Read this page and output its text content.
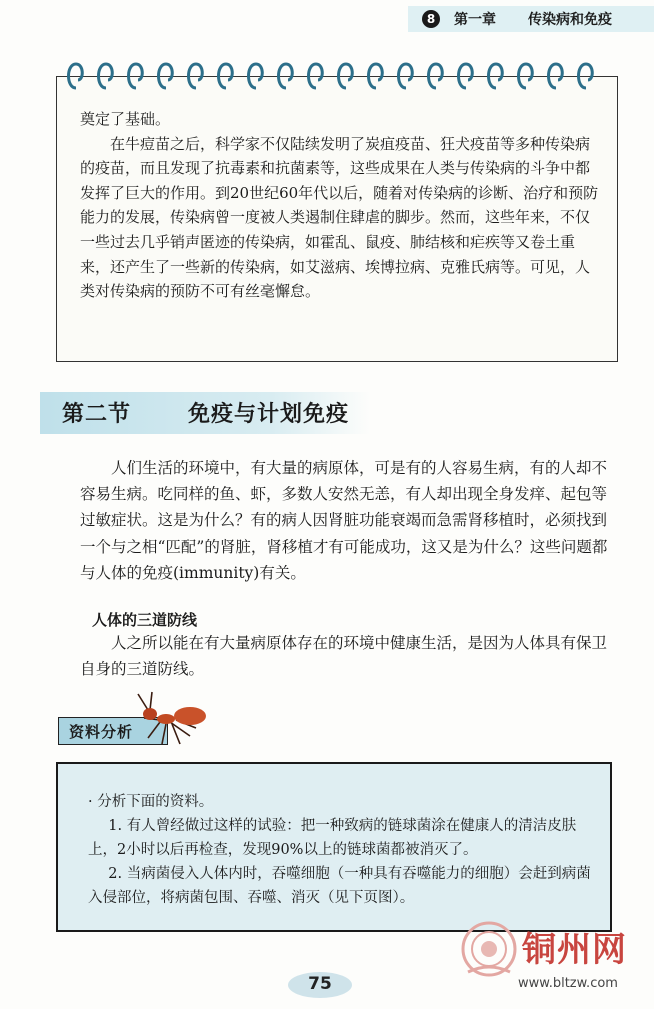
8	第一章 传染病和免疫

奠定了基础。

在牛痘苗之后，科学家不仅陆续发明了炭疽疫苗、狂犬疫苗等多种传染病的疫苗，而且发现了抗毒素和抗菌素等，这些成果在人类与传染病的斗争中都发挥了巨大的作用。到20世纪60年代以后，随着对传染病的诊断、治疗和预防能力的发展，传染病曾一度被人类遏制住肆虐的脚步。然而，这些年来，不仅一些过去几乎销声匿迹的传染病，如霍乱、鼠疫、肺结核和疟疾等又卷土重来，还产生了一些新的传染病，如艾滋病、埃博拉病、克雅氏病等。可见，人类对传染病的预防不可有丝毫懈怠。

第二节	免疫与计划免疫

人们生活的环境中，有大量的病原体，可是有的人容易生病，有的人却不容易生病。吃同样的鱼、虾，多数人安然无恙，有人却出现全身发痒、起包等过敏症状。这是为什么？有的病人因肾脏功能衰竭而急需肾移植时，必须找到一个与之相“匹配”的肾脏，肾移植才有可能成功，这又是为什么？这些问题都与人体的免疫(immunity)有关。

人体的三道防线

人之所以能在有大量病原体存在的环境中健康生活，是因为人体具有保卫自身的三道防线。

资料分析

· 分析下面的资料。

1. 有人曾经做过这样的试验：把一种致病的链球菌涂在健康人的清洁皮肤上，2小时以后再检查，发现90%以上的链球菌都被消灭了。

2. 当病菌侵入人体内时，吞噬细胞（一种具有吞噬能力的细胞）会赶到病菌入侵部位，将病菌包围、吞噬、消灭（见下页图）。

75
铜州网
www.bltzw.com
